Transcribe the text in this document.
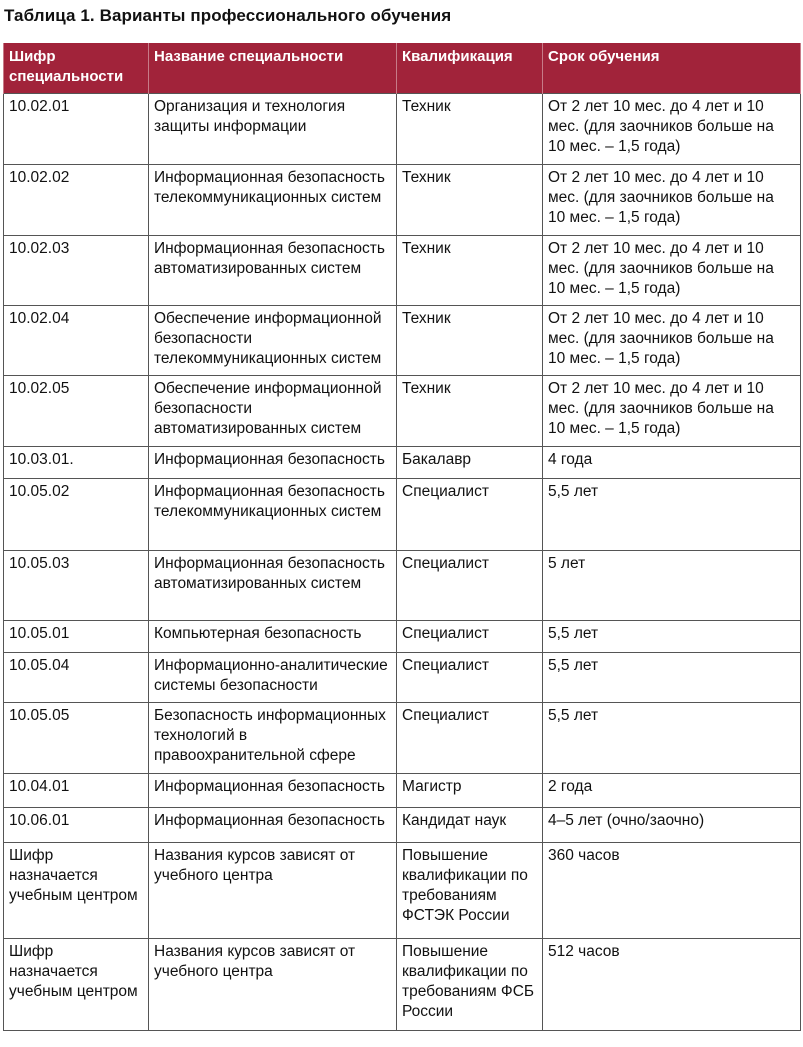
Таблица 1. Варианты профессионального обучения
Шифр специальности	Название специальности	Квалификация	Срок обучения
10.02.01	Организация и технология защиты информации	Техник	От 2 лет 10 мес. до 4 лет и 10 мес. (для заочников больше на 10 мес. – 1,5 года)
10.02.02	Информационная безопасность телекоммуникационных систем	Техник	От 2 лет 10 мес. до 4 лет и 10 мес. (для заочников больше на 10 мес. – 1,5 года)
10.02.03	Информационная безопасность автоматизированных систем	Техник	От 2 лет 10 мес. до 4 лет и 10 мес. (для заочников больше на 10 мес. – 1,5 года)
10.02.04	Обеспечение информационной безопасности телекоммуникационных систем	Техник	От 2 лет 10 мес. до 4 лет и 10 мес. (для заочников больше на 10 мес. – 1,5 года)
10.02.05	Обеспечение информационной безопасности автоматизированных систем	Техник	От 2 лет 10 мес. до 4 лет и 10 мес. (для заочников больше на 10 мес. – 1,5 года)
10.03.01.	Информационная безопасность	Бакалавр	4 года
10.05.02	Информационная безопасность телекоммуникационных систем	Специалист	5,5 лет
10.05.03	Информационная безопасность автоматизированных систем	Специалист	5 лет
10.05.01	Компьютерная безопасность	Специалист	5,5 лет
10.05.04	Информационно-аналитические системы безопасности	Специалист	5,5 лет
10.05.05	Безопасность информационных технологий в правоохранительной сфере	Специалист	5,5 лет
10.04.01	Информационная безопасность	Магистр	2 года
10.06.01	Информационная безопасность	Кандидат наук	4–5 лет (очно/заочно)
Шифр назначается учебным центром	Названия курсов зависят от учебного центра	Повышение квалификации по требованиям ФСТЭК России	360 часов
Шифр назначается учебным центром	Названия курсов зависят от учебного центра	Повышение квалификации по требованиям ФСБ России	512 часов
